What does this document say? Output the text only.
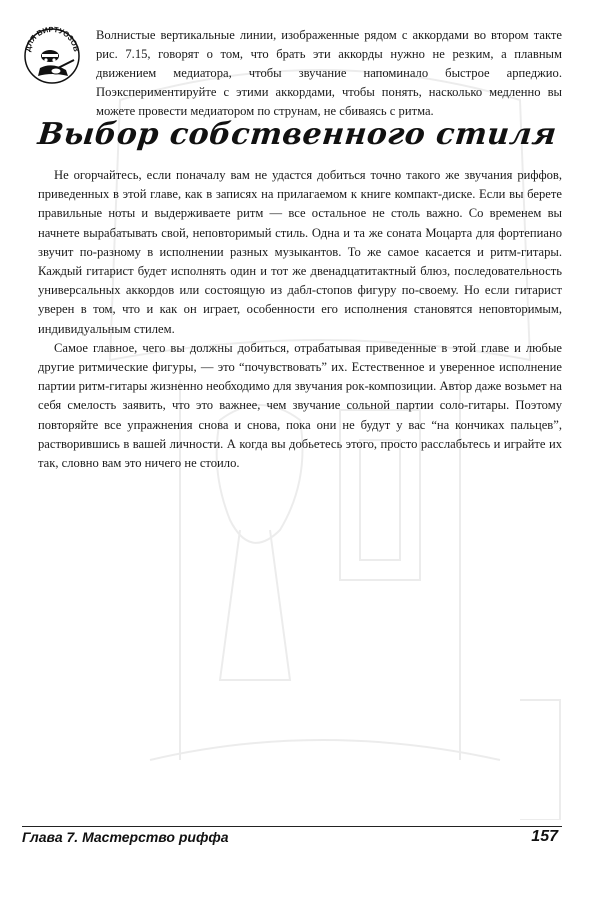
ДЛЯ ВИРТУОЗОВ

Волнистые вертикальные линии, изображенные рядом с аккордами во втором такте рис. 7.15, говорят о том, что брать эти аккорды нужно не резким, а плавным движением медиатора, чтобы звучание напоминало быстрое арпеджио. Поэкспериментируйте с этими аккордами, чтобы понять, насколько медленно вы можете провести медиатором по струнам, не сбиваясь с ритма.

Выбор собственного стиля

Не огорчайтесь, если поначалу вам не удастся добиться точно такого же звучания риффов, приведенных в этой главе, как в записях на прилагаемом к книге компакт-диске. Если вы берете правильные ноты и выдерживаете ритм — все остальное не столь важно. Со временем вы начнете вырабатывать свой, неповторимый стиль. Одна и та же соната Моцарта для фортепиано звучит по-разному в исполнении разных музыкантов. То же самое касается и ритм-гитары. Каждый гитарист будет исполнять один и тот же двенадцатитактный блюз, последовательность универсальных аккордов или состоящую из дабл-стопов фигуру по-своему. Но если гитарист уверен в том, что и как он играет, особенности его исполнения становятся неповторимым, индивидуальным стилем.

Самое главное, чего вы должны добиться, отрабатывая приведенные в этой главе и любые другие ритмические фигуры, — это “почувствовать” их. Естественное и уверенное исполнение партии ритм-гитары жизненно необходимо для звучания рок-композиции. Автор даже возьмет на себя смелость заявить, что это важнее, чем звучание сольной партии соло-гитары. Поэтому повторяйте все упражнения снова и снова, пока они не будут у вас “на кончиках пальцев”, растворившись в вашей личности. А когда вы добьетесь этого, просто расслабьтесь и играйте их так, словно вам это ничего не стоило.

Глава 7. Мастерство риффа	157
